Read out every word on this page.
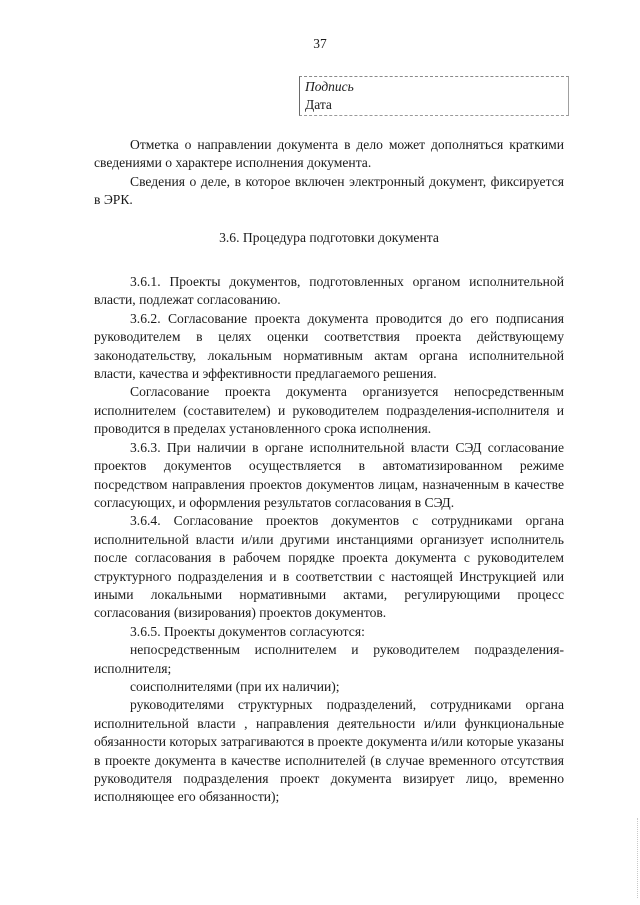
37
Подпись
Дата

Отметка о направлении документа в дело может дополняться краткими сведениями о характере исполнения документа.

Сведения о деле, в которое включен электронный документ, фиксируется в ЭРК.

3.6. Процедура подготовки документа

3.6.1. Проекты документов, подготовленных органом исполнительной власти, подлежат согласованию.

3.6.2. Согласование проекта документа проводится до его подписания руководителем в целях оценки соответствия проекта действующему законодательству, локальным нормативным актам органа исполнительной власти, качества и эффективности предлагаемого решения.

Согласование проекта документа организуется непосредственным исполнителем (составителем) и руководителем подразделения-исполнителя и проводится в пределах установленного срока исполнения.

3.6.3. При наличии в органе исполнительной власти СЭД согласование проектов документов осуществляется в автоматизированном режиме посредством направления проектов документов лицам, назначенным в качестве согласующих, и оформления результатов согласования в СЭД.

3.6.4. Согласование проектов документов с сотрудниками органа исполнительной власти и/или другими инстанциями организует исполнитель после согласования в рабочем порядке проекта документа с руководителем структурного подразделения и в соответствии с настоящей Инструкцией или иными локальными нормативными актами, регулирующими процесс согласования (визирования) проектов документов.

3.6.5. Проекты документов согласуются:

непосредственным исполнителем и руководителем подразделения-исполнителя;

соисполнителями (при их наличии);

руководителями структурных подразделений, сотрудниками органа исполнительной власти , направления деятельности и/или функциональные обязанности которых затрагиваются в проекте документа и/или которые указаны в проекте документа в качестве исполнителей (в случае временного отсутствия руководителя подразделения проект документа визирует лицо, временно исполняющее его обязанности);
